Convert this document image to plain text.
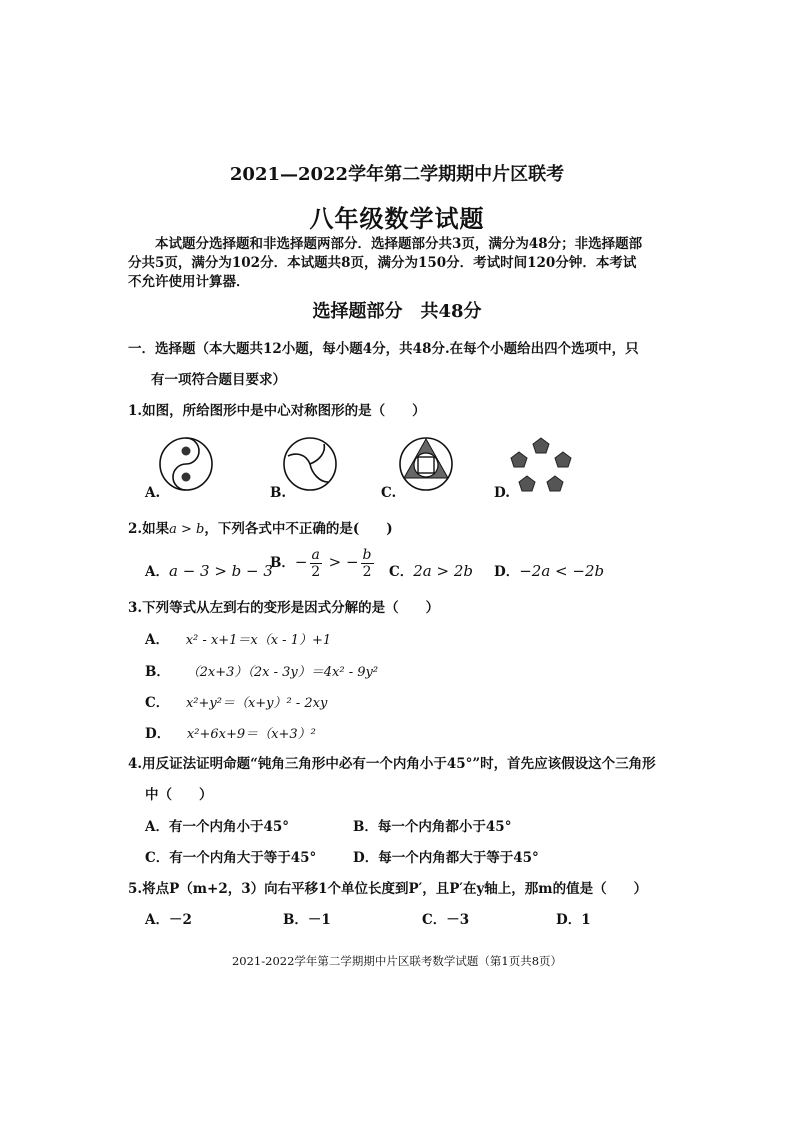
2021—2022学年第二学期期中片区联考
八年级数学试题
本试题分选择题和非选择题两部分．选择题部分共3页，满分为48分；非选择题部
分共5页，满分为102分．本试题共8页，满分为150分．考试时间120分钟．本考试
不允许使用计算器．
选择题部分　共48分
一．选择题（本大题共12小题，每小题4分，共48分.在每个小题给出四个选项中，只
有一项符合题目要求）
1.如图，所给图形中是中心对称图形的是（　　）
A.	B.	C.	D.
2.如果a > b，下列各式中不正确的是(　　)
A．a − 3 > b − 3
B．− $\frac{a}{2}$ > − $\frac{b}{2}$ C．2a > 2b D．−2a < −2b
3.下列等式从左到右的变形是因式分解的是（　　）
A． x² - x+1＝x（x - 1）+1
B． （2x+3）（2x - 3y）＝4x² - 9y²
C． x²+y²＝（x+y）² - 2xy
D． x²+6x+9＝（x+3）²
4.用反证法证明命题“钝角三角形中必有一个内角小于45°”时，首先应该假设这个三角形
中（　　）
A．有一个内角小于45°	B．每一个内角都小于45°
C．有一个内角大于等于45°	D．每一个内角都大于等于45°
5.将点P（m+2，3）向右平移1个单位长度到P′，且P′在y轴上，那m的值是（　　）
A．－2	B．－1	C．－3	D．1
2021-2022学年第二学期期中片区联考数学试题（第1页共8页）
